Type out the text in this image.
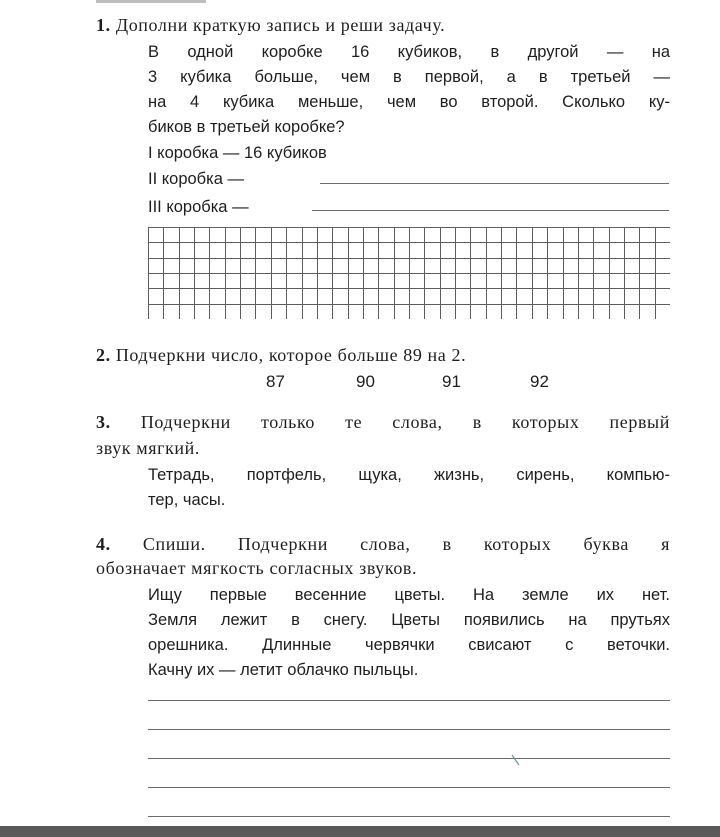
1. Дополни краткую запись и реши задачу.
В одной коробке 16 кубиков, в другой — на
3 кубика больше, чем в первой, а в третьей —
на 4 кубика меньше, чем во второй. Сколько ку-
биков в третьей коробке?
I коробка — 16 кубиков
II коробка —
III коробка —
2. Подчеркни число, которое больше 89 на 2.
87	90	91	92
3. Подчеркни только те слова, в которых первый
звук мягкий.
Тетрадь, портфель, щука, жизнь, сирень, компью-
тер, часы.
4. Спиши. Подчеркни слова, в которых буква я
обозначает мягкость согласных звуков.
Ищу первые весенние цветы. На земле их нет.
Земля лежит в снегу. Цветы появились на прутьях
орешника. Длинные червячки свисают с веточки.
Качну их — летит облачко пыльцы.
